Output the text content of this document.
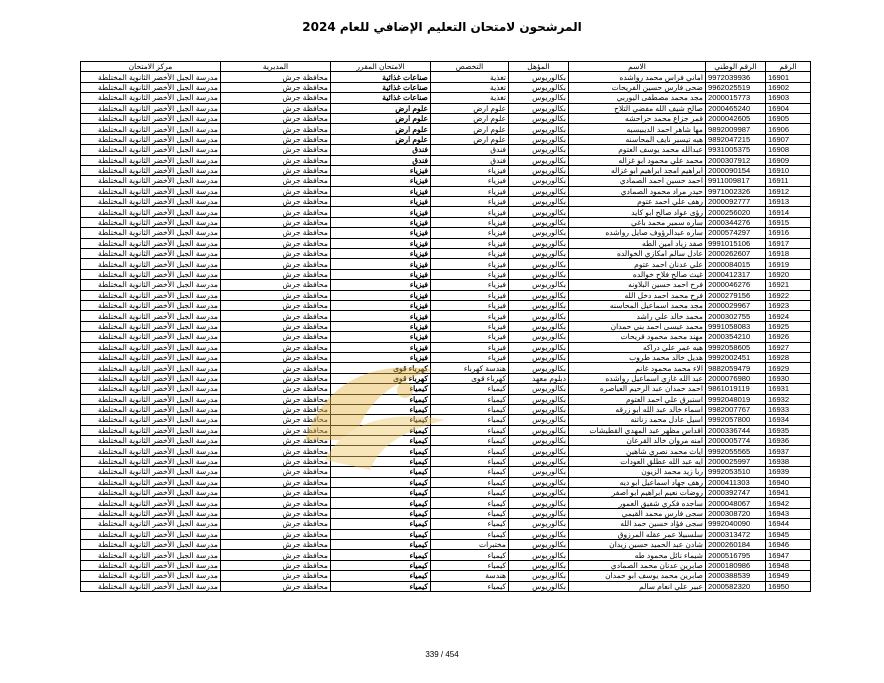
المرشحون لامتحان التعليم الإضافي للعام 2024
الرقم	الرقم الوطني	الاسم	المؤهل	التخصص	الامتحان المقرر	المديرية	مركز الامتحان
16901	9972039936	اماني فراس محمد رواشده	بكالوريوس	تغذية	صناعات غذائية	محافظة جرش	مدرسة الجبل الأخضر الثانوية المختلطة
16902	9962025519	ضحى فارس حسين الفريحات	بكالوريوس	تغذية	صناعات غذائية	محافظة جرش	مدرسة الجبل الأخضر الثانوية المختلطة
16903	2000015773	مجد محمد مصطفى اليوربي	بكالوريوس	تغذية	صناعات غذائية	محافظة جرش	مدرسة الجبل الأخضر الثانوية المختلطة
16904	2000465240	صالح شيف الله مفضي التلاح	بكالوريوس	علوم ارض	علوم ارض	محافظة جرش	مدرسة الجبل الأخضر الثانوية المختلطة
16905	2000042605	قمر جزاع محمد حراحشه	بكالوريوس	علوم ارض	علوم ارض	محافظة جرش	مدرسة الجبل الأخضر الثانوية المختلطة
16906	9892009987	مها شاهر احمد الديبيسيه	بكالوريوس	علوم ارض	علوم ارض	محافظة جرش	مدرسة الجبل الأخضر الثانوية المختلطة
16907	9892047215	هبه تيسير نايف المحاسنه	بكالوريوس	علوم ارض	علوم ارض	محافظة جرش	مدرسة الجبل الأخضر الثانوية المختلطة
16908	9931005375	عبدالله محمد يوسف العتوم	بكالوريوس	فندق	فندق	محافظة جرش	مدرسة الجبل الأخضر الثانوية المختلطة
16909	2000307912	محمد علي محمود ابو غزاله	بكالوريوس	فندق	فندق	محافظة جرش	مدرسة الجبل الأخضر الثانوية المختلطة
16910	2000090154	ابراهيم امجد ابراهيم ابو غزاله	بكالوريوس	فيزياء	فيزياء	محافظة جرش	مدرسة الجبل الأخضر الثانوية المختلطة
16911	9911009817	احمد حسين احمد الصمادي	بكالوريوس	فيزياء	فيزياء	محافظة جرش	مدرسة الجبل الأخضر الثانوية المختلطة
16912	9971002326	حيدر مراد محمود الصمادي	بكالوريوس	فيزياء	فيزياء	محافظة جرش	مدرسة الجبل الأخضر الثانوية المختلطة
16913	2000092777	رهف علي احمد عتوم	بكالوريوس	فيزياء	فيزياء	محافظة جرش	مدرسة الجبل الأخضر الثانوية المختلطة
16914	2000256020	رؤى عواد صالح ابو كايد	بكالوريوس	فيزياء	فيزياء	محافظة جرش	مدرسة الجبل الأخضر الثانوية المختلطة
16915	2000344276	ساره سمير محمد باغي	بكالوريوس	فيزياء	فيزياء	محافظة جرش	مدرسة الجبل الأخضر الثانوية المختلطة
16916	2000574297	ساره عبدالرؤوف صايل رواشده	بكالوريوس	فيزياء	فيزياء	محافظة جرش	مدرسة الجبل الأخضر الثانوية المختلطة
16917	9991015106	صفد زياد امين الطه	بكالوريوس	فيزياء	فيزياء	محافظة جرش	مدرسة الجبل الأخضر الثانوية المختلطة
16918	2000262607	عادل سالم امكازي الخوالده	بكالوريوس	فيزياء	فيزياء	محافظة جرش	مدرسة الجبل الأخضر الثانوية المختلطة
16919	2000084015	علي عدنان احمد عتوم	بكالوريوس	فيزياء	فيزياء	محافظة جرش	مدرسة الجبل الأخضر الثانوية المختلطة
16920	2000412317	غيث صالح فلاح خوالده	بكالوريوس	فيزياء	فيزياء	محافظة جرش	مدرسة الجبل الأخضر الثانوية المختلطة
16921	2000046276	فرح احمد حسين البلاونه	بكالوريوس	فيزياء	فيزياء	محافظة جرش	مدرسة الجبل الأخضر الثانوية المختلطة
16922	2000279156	فرح محمد احمد دخل الله	بكالوريوس	فيزياء	فيزياء	محافظة جرش	مدرسة الجبل الأخضر الثانوية المختلطة
16923	2000029967	مجد محمد اسماعيل المحاسنه	بكالوريوس	فيزياء	فيزياء	محافظة جرش	مدرسة الجبل الأخضر الثانوية المختلطة
16924	2000302755	محمد خالد علي راشد	بكالوريوس	فيزياء	فيزياء	محافظة جرش	مدرسة الجبل الأخضر الثانوية المختلطة
16925	9991058083	محمد عيسى احمد بني حمدان	بكالوريوس	فيزياء	فيزياء	محافظة جرش	مدرسة الجبل الأخضر الثانوية المختلطة
16926	2000354210	مهند محمد محمود قريحات	بكالوريوس	فيزياء	فيزياء	محافظة جرش	مدرسة الجبل الأخضر الثانوية المختلطة
16927	9992058605	هبه عمر علي دراكه	بكالوريوس	فيزياء	فيزياء	محافظة جرش	مدرسة الجبل الأخضر الثانوية المختلطة
16928	9992002451	هديل خالد محمد طروب	بكالوريوس	فيزياء	فيزياء	محافظة جرش	مدرسة الجبل الأخضر الثانوية المختلطة
16929	9882059479	الاء محمد محمود غانم	بكالوريوس	هندسة كهرباء	كهرباء قوى	محافظة جرش	مدرسة الجبل الأخضر الثانوية المختلطة
16930	2000076980	عبد الله غازي اسماعيل رواشده	دبلوم معهد	كهرباء قوى	كهرباء قوى	محافظة جرش	مدرسة الجبل الأخضر الثانوية المختلطة
16931	9861019119	احمد حمدان عبد الرحيم العياصره	بكالوريوس	كيمياء	كيمياء	محافظة جرش	مدرسة الجبل الأخضر الثانوية المختلطة
16932	9992048019	استبرق علي احمد العتوم	بكالوريوس	كيمياء	كيمياء	محافظة جرش	مدرسة الجبل الأخضر الثانوية المختلطة
16933	9982007767	اسماء خالد عبد الله ابو زرقه	بكالوريوس	كيمياء	كيمياء	محافظة جرش	مدرسة الجبل الأخضر الثانوية المختلطة
16934	9992057800	اسيل عادل محمد زناتنه	بكالوريوس	كيمياء	كيمياء	محافظة جرش	مدرسة الجبل الأخضر الثانوية المختلطة
16935	2000336744	اقداس مظهر عبد المهدي القطيشات	بكالوريوس	كيمياء	كيمياء	محافظة جرش	مدرسة الجبل الأخضر الثانوية المختلطة
16936	2000005774	امنه مروان خالد القرعان	بكالوريوس	كيمياء	كيمياء	محافظة جرش	مدرسة الجبل الأخضر الثانوية المختلطة
16937	9992055565	اياث محمد نصري شاهين	بكالوريوس	كيمياء	كيمياء	محافظة جرش	مدرسة الجبل الأخضر الثانوية المختلطة
16938	2000025997	ايه عبد الله عطلق العودات	بكالوريوس	كيمياء	كيمياء	محافظة جرش	مدرسة الجبل الأخضر الثانوية المختلطة
16939	9992053510	ربا زيد محمد الزيون	بكالوريوس	كيمياء	كيمياء	محافظة جرش	مدرسة الجبل الأخضر الثانوية المختلطة
16940	2000411303	رهف جهاد اسماعيل ابو ديه	بكالوريوس	كيمياء	كيمياء	محافظة جرش	مدرسة الجبل الأخضر الثانوية المختلطة
16941	2000392747	روضات نعيم ابراهيم ابو اصفر	بكالوريوس	كيمياء	كيمياء	محافظة جرش	مدرسة الجبل الأخضر الثانوية المختلطة
16942	2000048067	ساجده فكري شفيق العمور	بكالوريوس	كيمياء	كيمياء	محافظة جرش	مدرسة الجبل الأخضر الثانوية المختلطة
16943	2000308720	سجى فارس محمد القيمي	بكالوريوس	كيمياء	كيمياء	محافظة جرش	مدرسة الجبل الأخضر الثانوية المختلطة
16944	9992040090	سجى فؤاد حسين حمد الله	بكالوريوس	كيمياء	كيمياء	محافظة جرش	مدرسة الجبل الأخضر الثانوية المختلطة
16945	2000313472	سلسبيلا عمر عقله المرزوق	بكالوريوس	كيمياء	كيمياء	محافظة جرش	مدرسة الجبل الأخضر الثانوية المختلطة
16946	2000260184	شادن عبد الحميد حسين زيدان	بكالوريوس	مختبرات	كيمياء	محافظة جرش	مدرسة الجبل الأخضر الثانوية المختلطة
16947	2000516795	شيماء نائل محمود طه	بكالوريوس	كيمياء	كيمياء	محافظة جرش	مدرسة الجبل الأخضر الثانوية المختلطة
16948	2000180986	صابرين عدنان محمد الصمادي	بكالوريوس	كيمياء	كيمياء	محافظة جرش	مدرسة الجبل الأخضر الثانوية المختلطة
16949	2000388539	صابرين محمد يوسف ابو حمدان	بكالوريوس	هندسة	كيمياء	محافظة جرش	مدرسة الجبل الأخضر الثانوية المختلطة
16950	2000582320	عبير علي انعام سالم	بكالوريوس	كيمياء	كيمياء	محافظة جرش	مدرسة الجبل الأخضر الثانوية المختلطة
339 / 454
